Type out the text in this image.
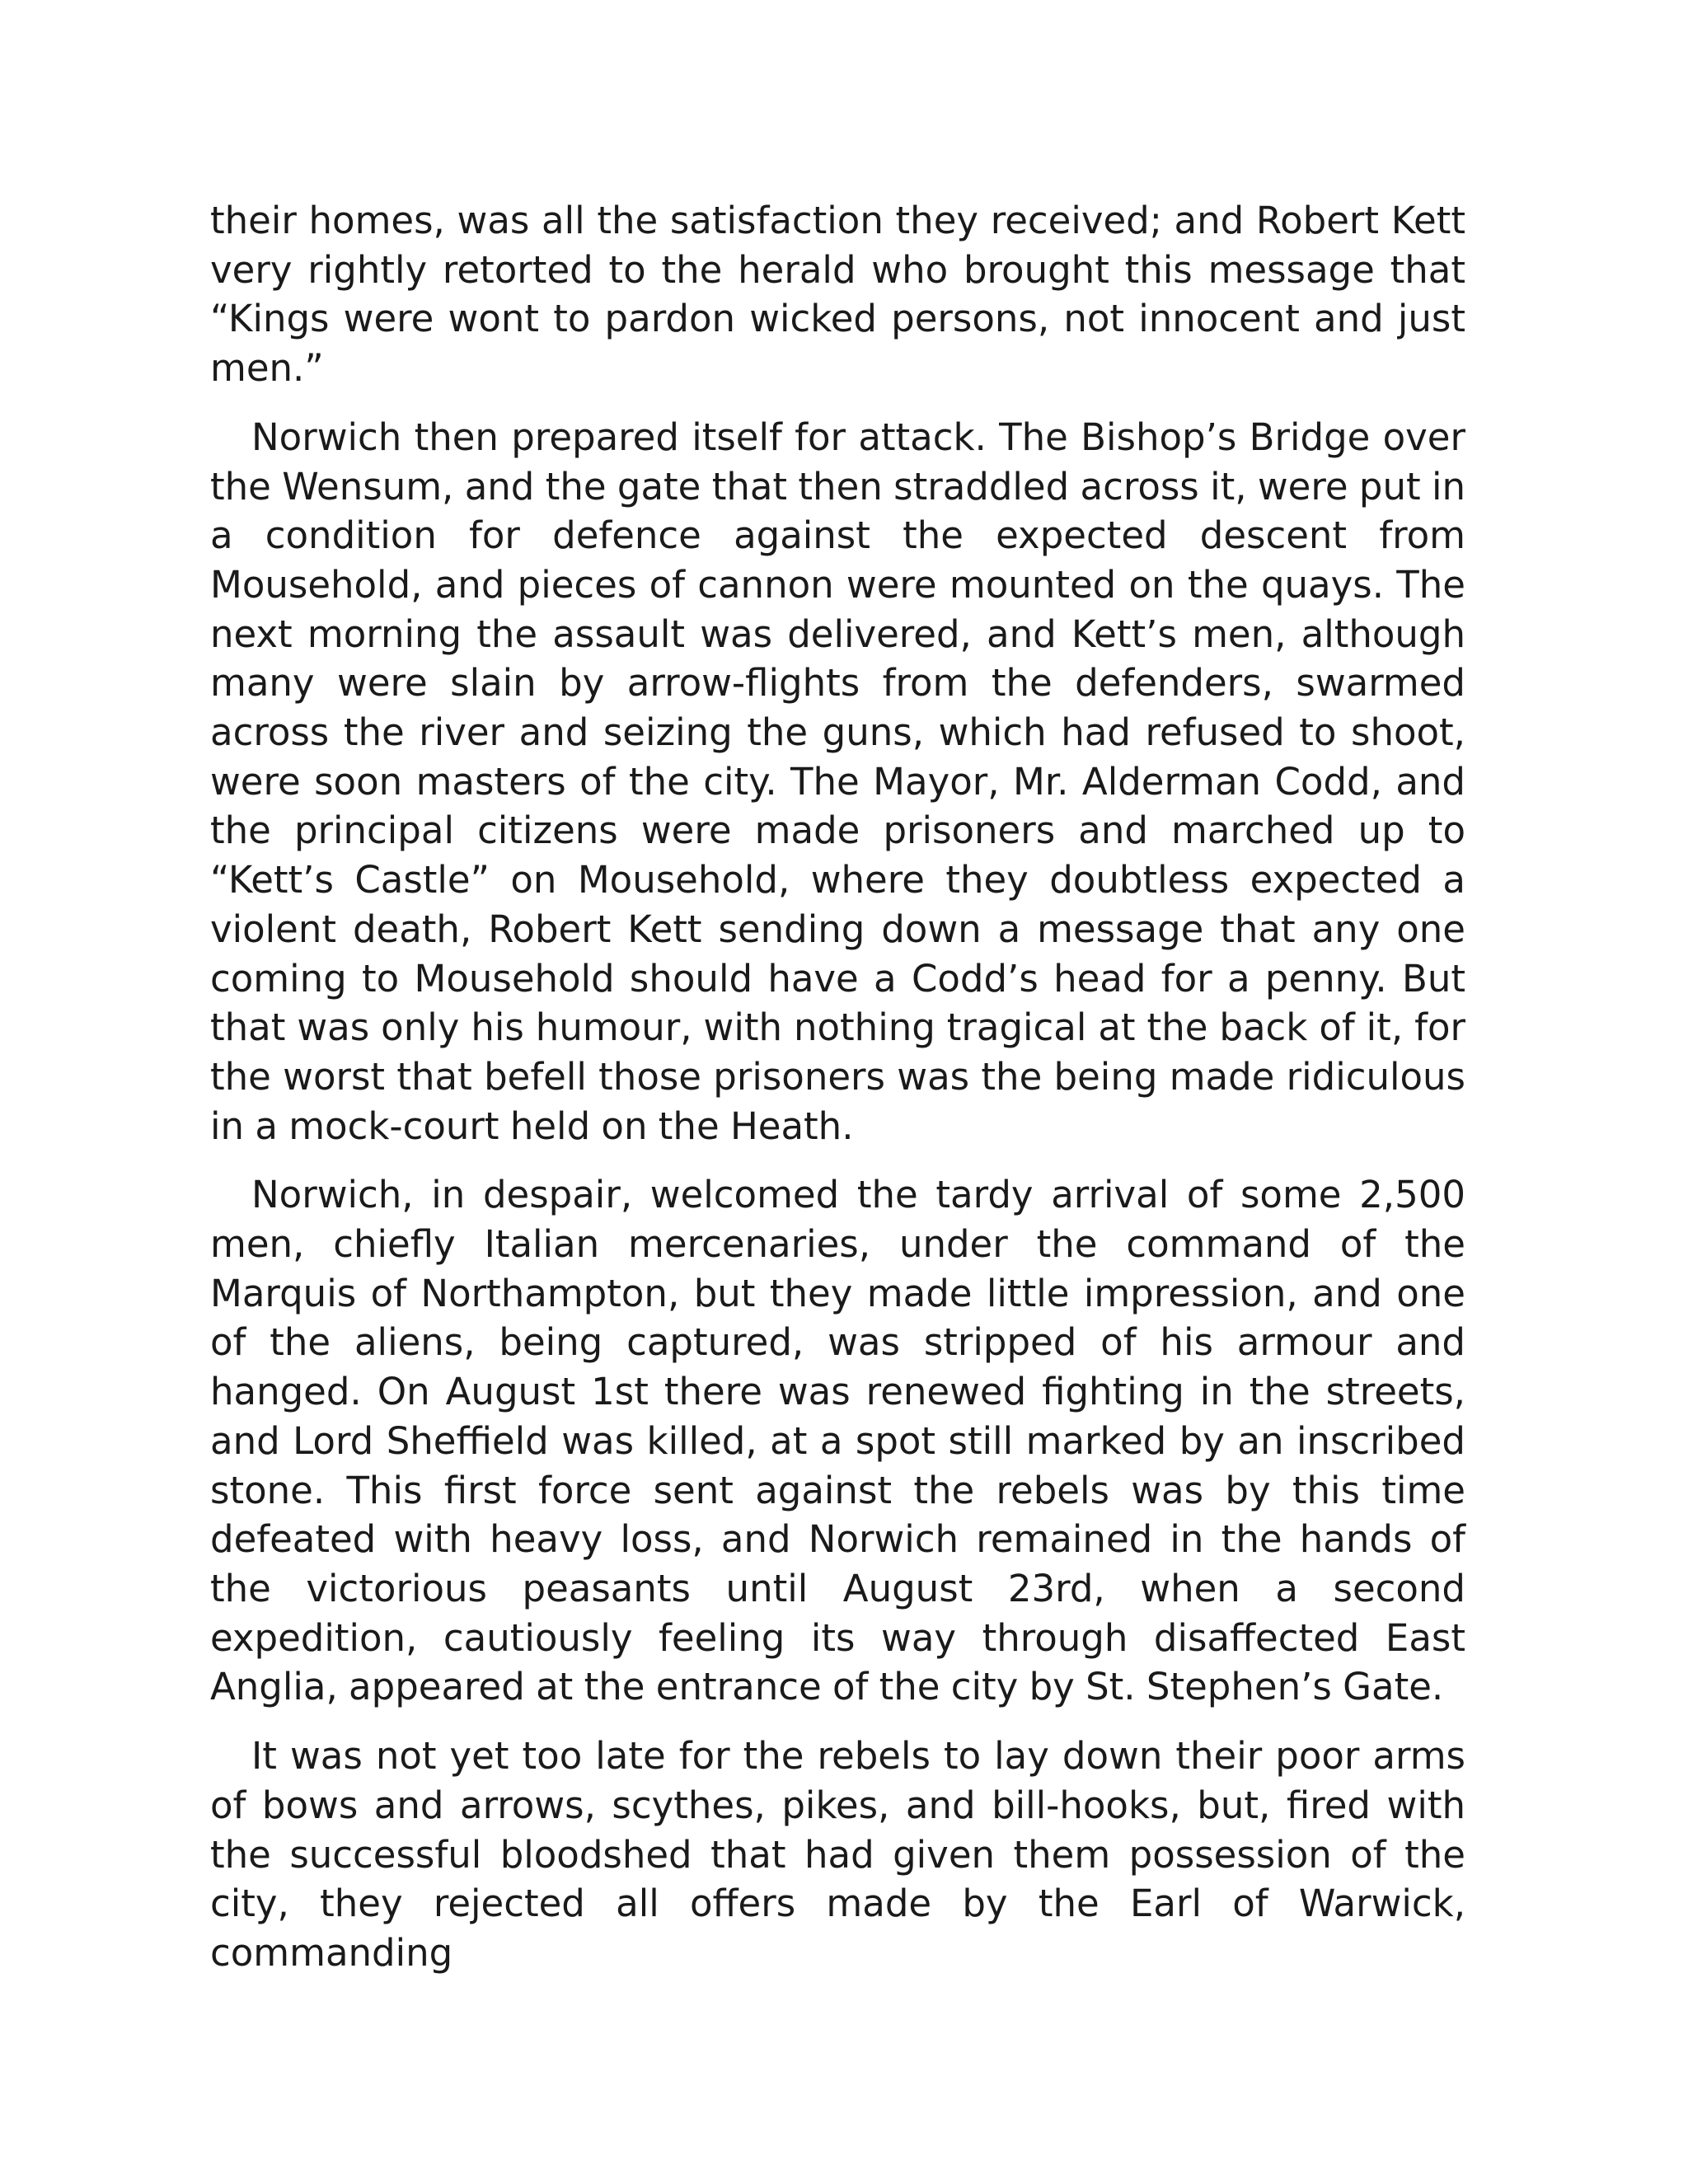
their homes, was all the satisfaction they received; and Robert Kett very rightly retorted to the herald who brought this message that “Kings were wont to pardon wicked persons, not innocent and just men.”

Norwich then prepared itself for attack. The Bishop’s Bridge over the Wensum, and the gate that then straddled across it, were put in a condition for defence against the expected descent from Mousehold, and pieces of cannon were mounted on the quays. The next morning the assault was delivered, and Kett’s men, although many were slain by arrow-flights from the defenders, swarmed across the river and seizing the guns, which had refused to shoot, were soon masters of the city. The Mayor, Mr. Alderman Codd, and the principal citizens were made prisoners and marched up to “Kett’s Castle” on Mousehold, where they doubtless expected a violent death, Robert Kett sending down a message that any one coming to Mousehold should have a Codd’s head for a penny. But that was only his humour, with nothing tragical at the back of it, for the worst that befell those prisoners was the being made ridiculous in a mock-court held on the Heath.

Norwich, in despair, welcomed the tardy arrival of some 2,500 men, chiefly Italian mercenaries, under the command of the Marquis of Northampton, but they made little impression, and one of the aliens, being captured, was stripped of his armour and hanged. On August 1st there was renewed fighting in the streets, and Lord Sheffield was killed, at a spot still marked by an inscribed stone. This first force sent against the rebels was by this time defeated with heavy loss, and Norwich remained in the hands of the victorious peasants until August 23rd, when a second expedition, cautiously feeling its way through disaffected East Anglia, appeared at the entrance of the city by St. Stephen’s Gate.

It was not yet too late for the rebels to lay down their poor arms of bows and arrows, scythes, pikes, and bill-hooks, but, fired with the successful bloodshed that had given them possession of the city, they rejected all offers made by the Earl of Warwick, commanding
